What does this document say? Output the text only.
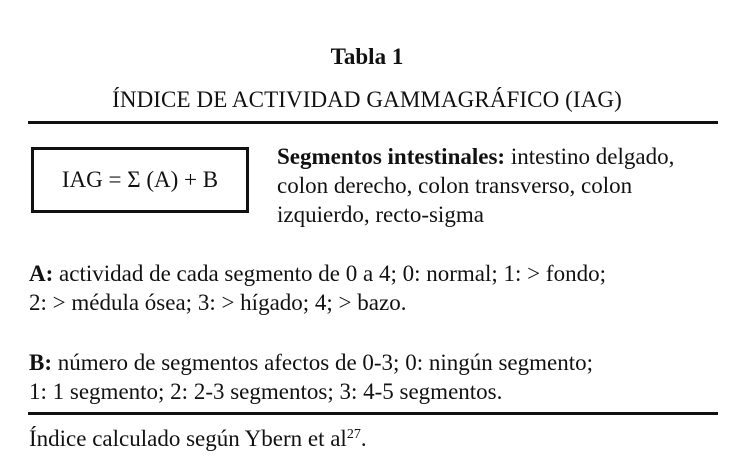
Tabla 1
ÍNDICE DE ACTIVIDAD GAMMAGRÁFICO (IAG)
IAG = Σ (A) + B
Segmentos intestinales: intestino delgado,
colon derecho, colon transverso, colon
izquierdo, recto-sigma
A: actividad de cada segmento de 0 a 4; 0: normal; 1: > fondo;
2: > médula ósea; 3: > hígado; 4; > bazo.
B: número de segmentos afectos de 0-3; 0: ningún segmento;
1: 1 segmento; 2: 2-3 segmentos; 3: 4-5 segmentos.
Índice calculado según Ybern et $al^{27}$.
